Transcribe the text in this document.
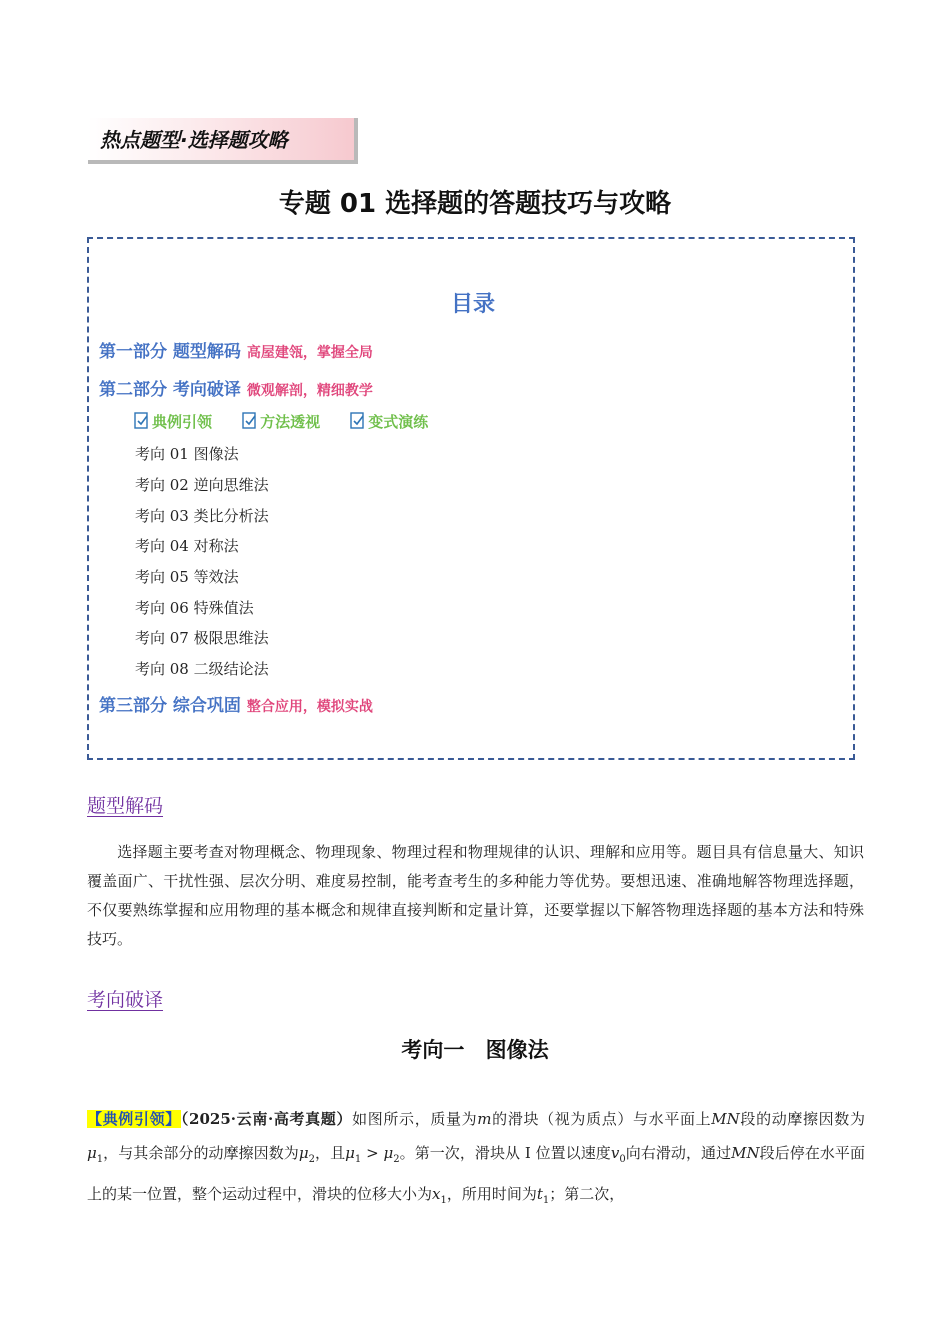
热点题型·选择题攻略
专题 01 选择题的答题技巧与攻略
目录
第一部分 题型解码 高屋建瓴，掌握全局
第二部分 考向破译 微观解剖，精细教学
典例引领	方法透视	变式演练
考向 01 图像法
考向 02 逆向思维法
考向 03 类比分析法
考向 04 对称法
考向 05 等效法
考向 06 特殊值法
考向 07 极限思维法
考向 08 二级结论法
第三部分 综合巩固 整合应用，模拟实战
题型解码
选择题主要考查对物理概念、物理现象、物理过程和物理规律的认识、理解和应用等。题目具有信息量大、知识覆盖面广、干扰性强、层次分明、难度易控制，能考查考生的多种能力等优势。要想迅速、准确地解答物理选择题，不仅要熟练掌握和应用物理的基本概念和规律直接判断和定量计算，还要掌握以下解答物理选择题的基本方法和特殊技巧。
考向破译
考向一 图像法
【典例引领】（2025·云南·高考真题）如图所示，质量为m的滑块（视为质点）与水平面上MN段的动摩擦因数为$\mu_1$，与其余部分的动摩擦因数为$\mu_2$，且$\mu_1 > \mu_2$。第一次，滑块从 I 位置以速度$v_0$向右滑动，通过MN段后停在水平面上的某一位置，整个运动过程中，滑块的位移大小为$x_1$，所用时间为$t_1$；第二次，
